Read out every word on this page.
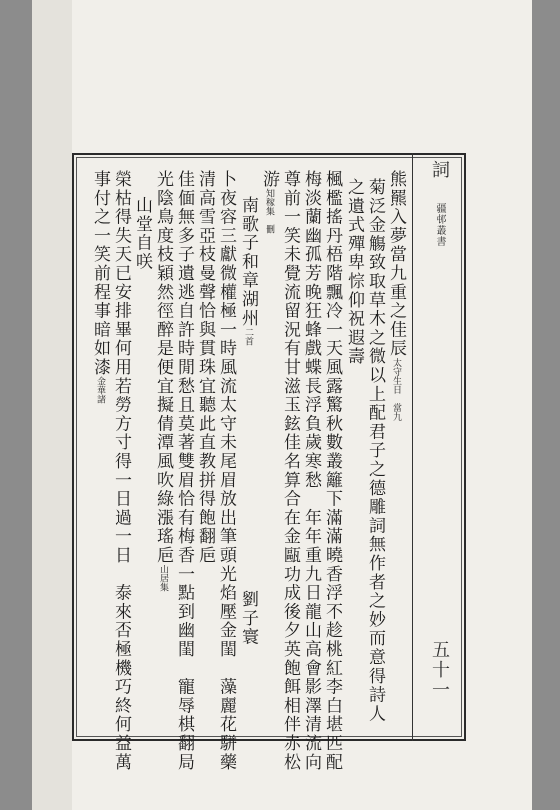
詞 疆邨叢書
五十一
熊羆入夢當九重之佳辰太守生日　當九
菊泛金觴致取草木之微以上配君子之德雕詞無作者之妙而意得詩人
之遺式殫卑悰仰祝遐壽
楓檻搖丹梧階飄冷一天風露驚秋數叢籬下滿滿曉香浮不趁桃紅李白堪匹配
梅淡蘭幽孤芳晚狂蜂戲蝶長浮負歲寒愁　年年重九日龍山高會影澤清流向
尊前一笑未覺流留況有甘滋玉鉉佳名算合在金甌功成後夕英飽餌相伴赤松
游知稼集　刪
南歌子和章湖州二首
劉子寰
卜夜容三獻微權極一時風流太守未尾眉放出筆頭光焰壓金閨　藻麗花駢藥
清高雪亞枝曼聲恰與貫珠宜聽此直教拼得飽翻巵
佳偭無多子遺逃自許時閒愁且莫著雙眉恰有梅香一點到幽閨　寵辱棋翻局
光陰鳥度枝穎然徑醉是便宜擬倩潭風吹綠漲瑤巵山居集
山堂自咲
榮枯得失天已安排畢何用若勞方寸得一日過一日　泰來否極機巧終何益萬
事付之一笑前程事暗如漆金華諸
